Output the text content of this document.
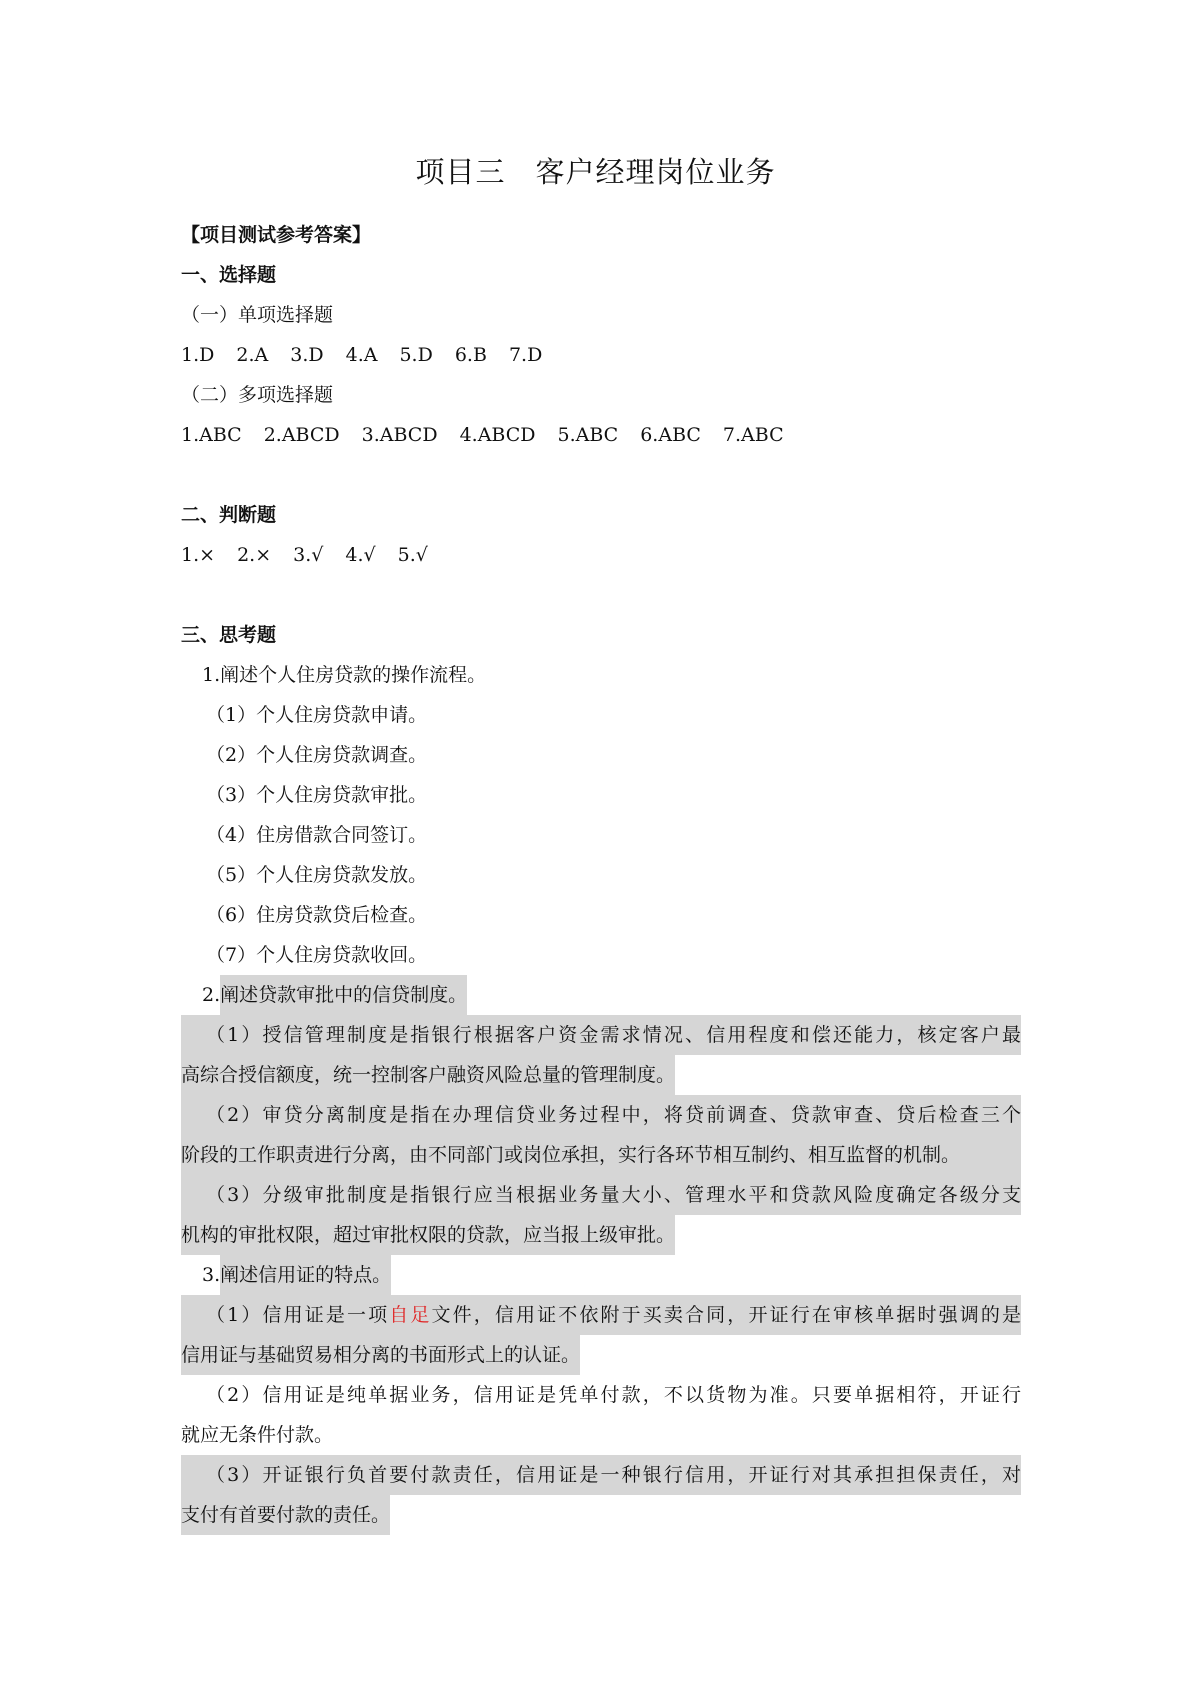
项目三　客户经理岗位业务
【项目测试参考答案】
一、选择题
（一）单项选择题
1.D 2.A 3.D 4.A 5.D 6.B 7.D
（二）多项选择题
1.ABC 2.ABCD 3.ABCD 4.ABCD 5.ABC 6.ABC 7.ABC
二、判断题
1.× 2.× 3.√ 4.√ 5.√
三、思考题
1.阐述个人住房贷款的操作流程。
（1）个人住房贷款申请。
（2）个人住房贷款调查。
（3）个人住房贷款审批。
（4）住房借款合同签订。
（5）个人住房贷款发放。
（6）住房贷款贷后检查。
（7）个人住房贷款收回。
2.阐述贷款审批中的信贷制度。
（1）授信管理制度是指银行根据客户资金需求情况、信用程度和偿还能力，核定客户最
高综合授信额度，统一控制客户融资风险总量的管理制度。
（2）审贷分离制度是指在办理信贷业务过程中，将贷前调查、贷款审查、贷后检查三个
阶段的工作职责进行分离，由不同部门或岗位承担，实行各环节相互制约、相互监督的机制。
（3）分级审批制度是指银行应当根据业务量大小、管理水平和贷款风险度确定各级分支
机构的审批权限，超过审批权限的贷款，应当报上级审批。
3.阐述信用证的特点。
（1）信用证是一项自足文件，信用证不依附于买卖合同，开证行在审核单据时强调的是
信用证与基础贸易相分离的书面形式上的认证。
（2）信用证是纯单据业务，信用证是凭单付款，不以货物为准。只要单据相符，开证行
就应无条件付款。
（3）开证银行负首要付款责任，信用证是一种银行信用，开证行对其承担担保责任，对
支付有首要付款的责任。
